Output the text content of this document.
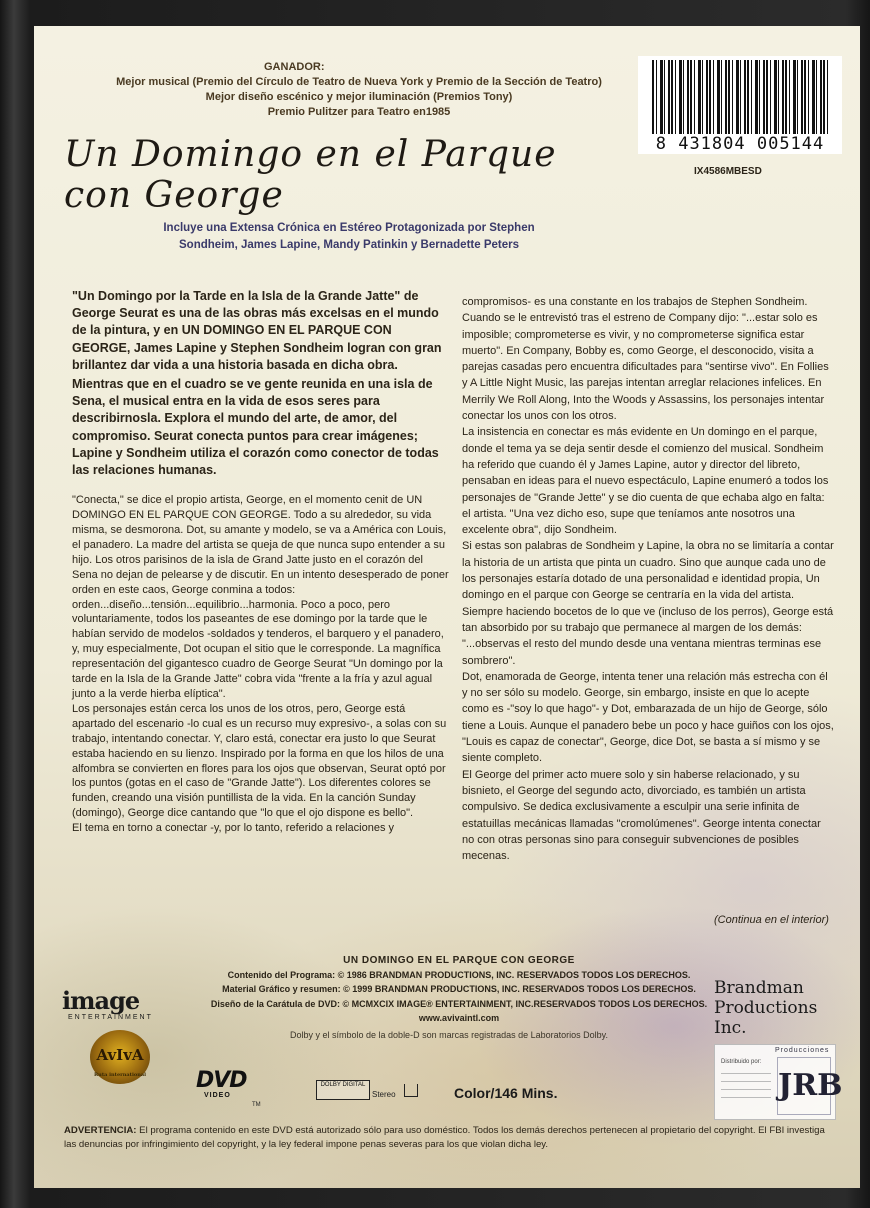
GANADOR:
Mejor musical (Premio del Círculo de Teatro de Nueva York y Premio de la Sección de Teatro)
Mejor diseño escénico y mejor iluminación (Premios Tony)
Premio Pulitzer para Teatro en1985
8 431804 005144
IX4586MBESD
Un Domingo en el Parque con George
Incluye una Extensa Crónica en Estéreo Protagonizada por Stephen
Sondheim, James Lapine, Mandy Patinkin y Bernadette Peters

"Un Domingo por la Tarde en la Isla de la Grande Jatte" de George Seurat es una de las obras más excelsas en el mundo de la pintura, y en UN DOMINGO EN EL PARQUE CON GEORGE, James Lapine y Stephen Sondheim logran con gran brillantez dar vida a una historia basada en dicha obra.

Mientras que en el cuadro se ve gente reunida en una isla de Sena, el musical entra en la vida de esos seres para describirnosla. Explora el mundo del arte, de amor, del compromiso. Seurat conecta puntos para crear imágenes; Lapine y Sondheim utiliza el corazón como conector de todas las relaciones humanas.

"Conecta," se dice el propio artista, George, en el momento cenit de UN DOMINGO EN EL PARQUE CON GEORGE. Todo a su alrededor, su vida misma, se desmorona. Dot, su amante y modelo, se va a América con Louis, el panadero. La madre del artista se queja de que nunca supo entender a su hijo. Los otros parisinos de la isla de Grand Jatte justo en el corazón del Sena no dejan de pelearse y de discutir. En un intento desesperado de poner orden en este caos, George conmina a todos: orden...diseño...tensión...equilibrio...harmonia. Poco a poco, pero voluntariamente, todos los paseantes de ese domingo por la tarde que le habían servido de modelos -soldados y tenderos, el barquero y el panadero, y, muy especialmente, Dot ocupan el sitio que le corresponde. La magnífica representación del gigantesco cuadro de George Seurat "Un domingo por la tarde en la Isla de la Grande Jatte" cobra vida "frente a la fría y azul agual junto a la verde hierba elíptica".

Los personajes están cerca los unos de los otros, pero, George está apartado del escenario -lo cual es un recurso muy expresivo-, a solas con su trabajo, intentando conectar. Y, claro está, conectar era justo lo que Seurat estaba haciendo en su lienzo. Inspirado por la forma en que los hilos de una alfombra se convierten en flores para los ojos que observan, Seurat optó por los puntos (gotas en el caso de "Grande Jatte"). Los diferentes colores se funden, creando una visión puntillista de la vida. En la canción Sunday (domingo), George dice cantando que "lo que el ojo dispone es bello".

El tema en torno a conectar -y, por lo tanto, referido a relaciones y

compromisos- es una constante en los trabajos de Stephen Sondheim. Cuando se le entrevistó tras el estreno de Company dijo: "...estar solo es imposible; comprometerse es vivir, y no comprometerse significa estar muerto". En Company, Bobby es, como George, el desconocido, visita a parejas casadas pero encuentra dificultades para "sentirse vivo". En Follies y A Little Night Music, las parejas intentan arreglar relaciones infelices. En Merrily We Roll Along, Into the Woods y Assassins, los personajes intentar conectar los unos con los otros.

La insistencia en conectar es más evidente en Un domingo en el parque, donde el tema ya se deja sentir desde el comienzo del musical. Sondheim ha referido que cuando él y James Lapine, autor y director del libreto, pensaban en ideas para el nuevo espectáculo, Lapine enumeró a todos los personajes de "Grande Jette" y se dio cuenta de que echaba algo en falta: el artista. "Una vez dicho eso, supe que teníamos ante nosotros una excelente obra", dijo Sondheim.

Si estas son palabras de Sondheim y Lapine, la obra no se limitaría a contar la historia de un artista que pinta un cuadro. Sino que aunque cada uno de los personajes estaría dotado de una personalidad e identidad propia, Un domingo en el parque con George se centraría en la vida del artista. Siempre haciendo bocetos de lo que ve (incluso de los perros), George está tan absorbido por su trabajo que permanece al margen de los demás: "...observas el resto del mundo desde una ventana mientras terminas ese sombrero".

Dot, enamorada de George, intenta tener una relación más estrecha con él y no ser sólo su modelo. George, sin embargo, insiste en que lo acepte como es -"soy lo que hago"- y Dot, embarazada de un hijo de George, sólo tiene a Louis. Aunque el panadero bebe un poco y hace guiños con los ojos, "Louis es capaz de conectar", George, dice Dot, se basta a sí mismo y se siente completo.

El George del primer acto muere solo y sin haberse relacionado, y su bisnieto, el George del segundo acto, divorciado, es también un artista compulsivo. Se dedica exclusivamente a esculpir una serie infinita de estatuillas mecánicas llamadas "cromolúmenes". George intenta conectar no con otras personas sino para conseguir subvenciones de posibles mecenas.

(Continua en el interior)
UN DOMINGO EN EL PARQUE CON GEORGE
Contenido del Programa: © 1986 BRANDMAN PRODUCTIONS, INC. RESERVADOS TODOS LOS DERECHOS.
Material Gráfico y resumen: © 1999 BRANDMAN PRODUCTIONS, INC. RESERVADOS TODOS LOS DERECHOS.
Diseño de la Carátula de DVD: © MCMXCIX IMAGE® ENTERTAINMENT, INC.RESERVADOS TODOS LOS DERECHOS.
www.avivaintl.com
Dolby y el símbolo de la doble-D son marcas registradas de Laboratorios Dolby.
image
ENTERTAINMENT
AvIvA
Ruta international DVD
VIDEO
TM
DOLBY DIGITAL
Stereo	Color/146 Mins.
Brandman
Productions
Inc.
Producciones
Distribuido por:
JRB
ADVERTENCIA: El programa contenido en este DVD está autorizado sólo para uso doméstico. Todos los demás derechos pertenecen al propietario del copyright. El FBI investiga las denuncias por infringimiento del copyright, y la ley federal impone penas severas para los que violan dicha ley.
